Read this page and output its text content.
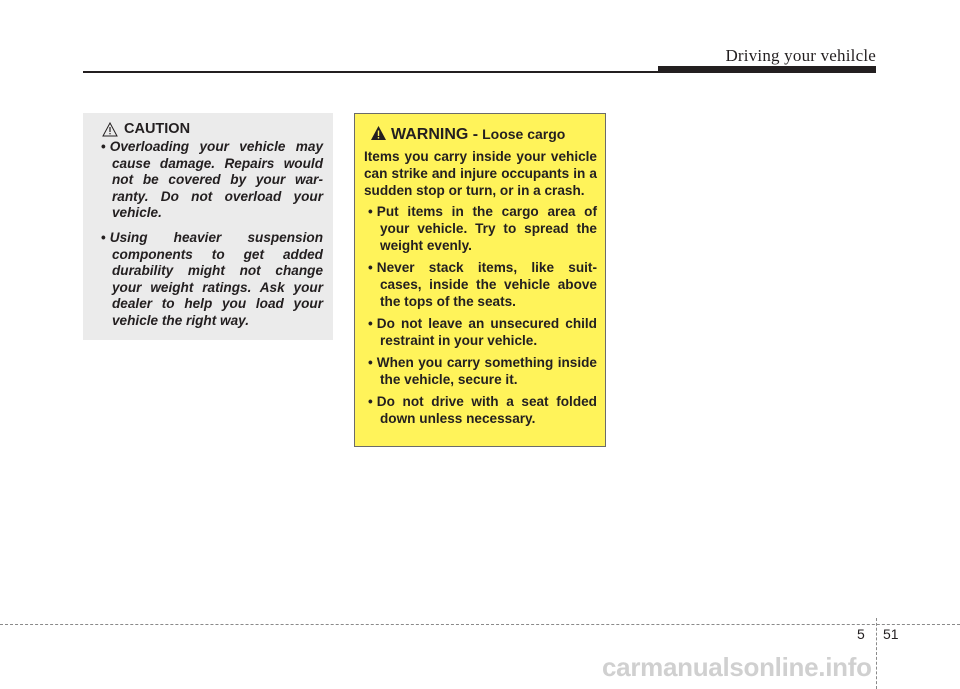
Driving your vehilcle
CAUTION
• Overloading your vehicle may cause damage. Repairs would not be covered by your war- ranty. Do not overload your vehicle.
• Using heavier suspension components to get added durability might not change your weight ratings. Ask your dealer to help you load your vehicle the right way.
WARNING - Loose cargo

Items you carry inside your vehicle can strike and injure occupants in a sudden stop or turn, or in a crash.

• Put items in the cargo area of your vehicle. Try to spread the weight evenly.
• Never stack items, like suit- cases, inside the vehicle above the tops of the seats.
• Do not leave an unsecured child restraint in your vehicle.
• When you carry something inside the vehicle, secure it.
• Do not drive with a seat folded down unless necessary.
5 51
carmanualsonline.info
